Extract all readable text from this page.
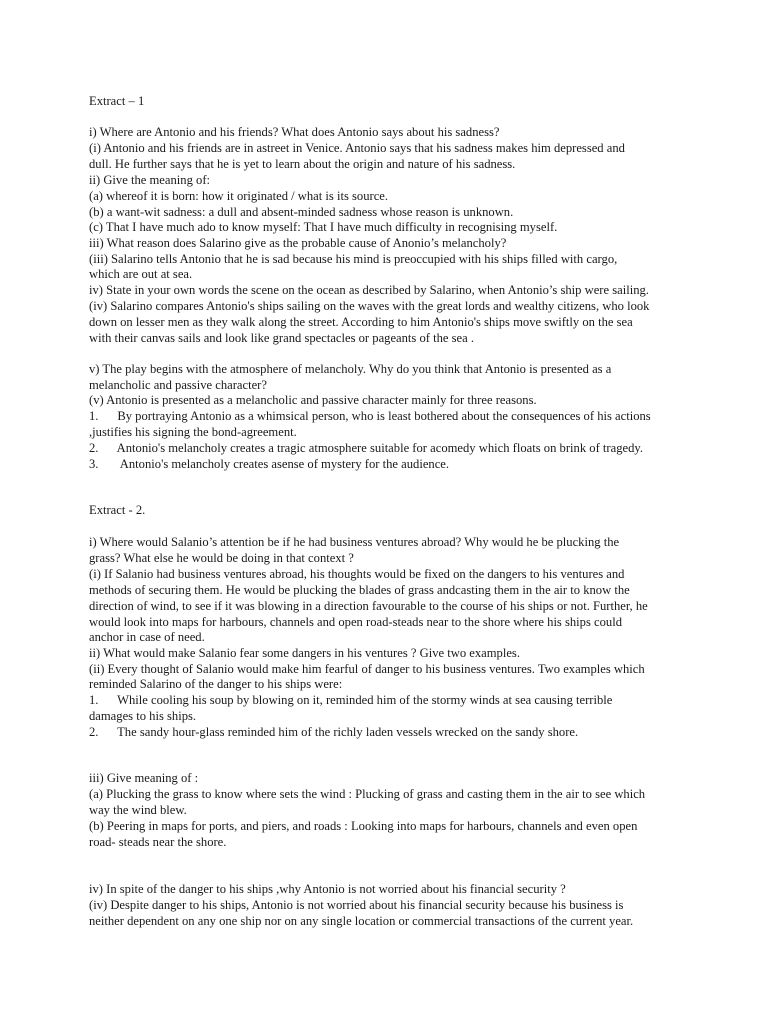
Extract – 1
i) Where are Antonio and his friends? What does Antonio says about his sadness?
(i) Antonio and his friends are in astreet in Venice. Antonio says that his sadness makes him depressed and
dull. He further says that he is yet to learn about the origin and nature of his sadness.
ii) Give the meaning of:
(a) whereof it is born: how it originated / what is its source.
(b) a want-wit sadness: a dull and absent-minded sadness whose reason is unknown.
(c) That I have much ado to know myself: That I have much difficulty in recognising myself.
iii) What reason does Salarino give as the probable cause of Anonio’s melancholy?
(iii) Salarino tells Antonio that he is sad because his mind is preoccupied with his ships filled with cargo,
which are out at sea.
iv) State in your own words the scene on the ocean as described by Salarino, when Antonio’s ship were sailing.
(iv) Salarino compares Antonio's ships sailing on the waves with the great lords and wealthy citizens, who look
down on lesser men as they walk along the street. According to him Antonio's ships move swiftly on the sea
with their canvas sails and look like grand spectacles or pageants of the sea .
v) The play begins with the atmosphere of melancholy. Why do you think that Antonio is presented as a
melancholic and passive character?
(v) Antonio is presented as a melancholic and passive character mainly for three reasons.
1.      By portraying Antonio as a whimsical person, who is least bothered about the consequences of his actions
,justifies his signing the bond-agreement.
2.      Antonio's melancholy creates a tragic atmosphere suitable for acomedy which floats on brink of tragedy.
3.       Antonio's melancholy creates asense of mystery for the audience.
Extract - 2.
i) Where would Salanio’s attention be if he had business ventures abroad? Why would he be plucking the
grass? What else he would be doing in that context ?
(i) If Salanio had business ventures abroad, his thoughts would be fixed on the dangers to his ventures and
methods of securing them. He would be plucking the blades of grass andcasting them in the air to know the
direction of wind, to see if it was blowing in a direction favourable to the course of his ships or not. Further, he
would look into maps for harbours, channels and open road-steads near to the shore where his ships could
anchor in case of need.
ii) What would make Salanio fear some dangers in his ventures ? Give two examples.
(ii) Every thought of Salanio would make him fearful of danger to his business ventures. Two examples which
reminded Salarino of the danger to his ships were:
1.      While cooling his soup by blowing on it, reminded him of the stormy winds at sea causing terrible
damages to his ships.
2.      The sandy hour-glass reminded him of the richly laden vessels wrecked on the sandy shore.
iii) Give meaning of :
(a) Plucking the grass to know where sets the wind : Plucking of grass and casting them in the air to see which
way the wind blew.
(b) Peering in maps for ports, and piers, and roads : Looking into maps for harbours, channels and even open
road- steads near the shore.
iv) In spite of the danger to his ships ,why Antonio is not worried about his financial security ?
(iv) Despite danger to his ships, Antonio is not worried about his financial security because his business is
neither dependent on any one ship nor on any single location or commercial transactions of the current year.
